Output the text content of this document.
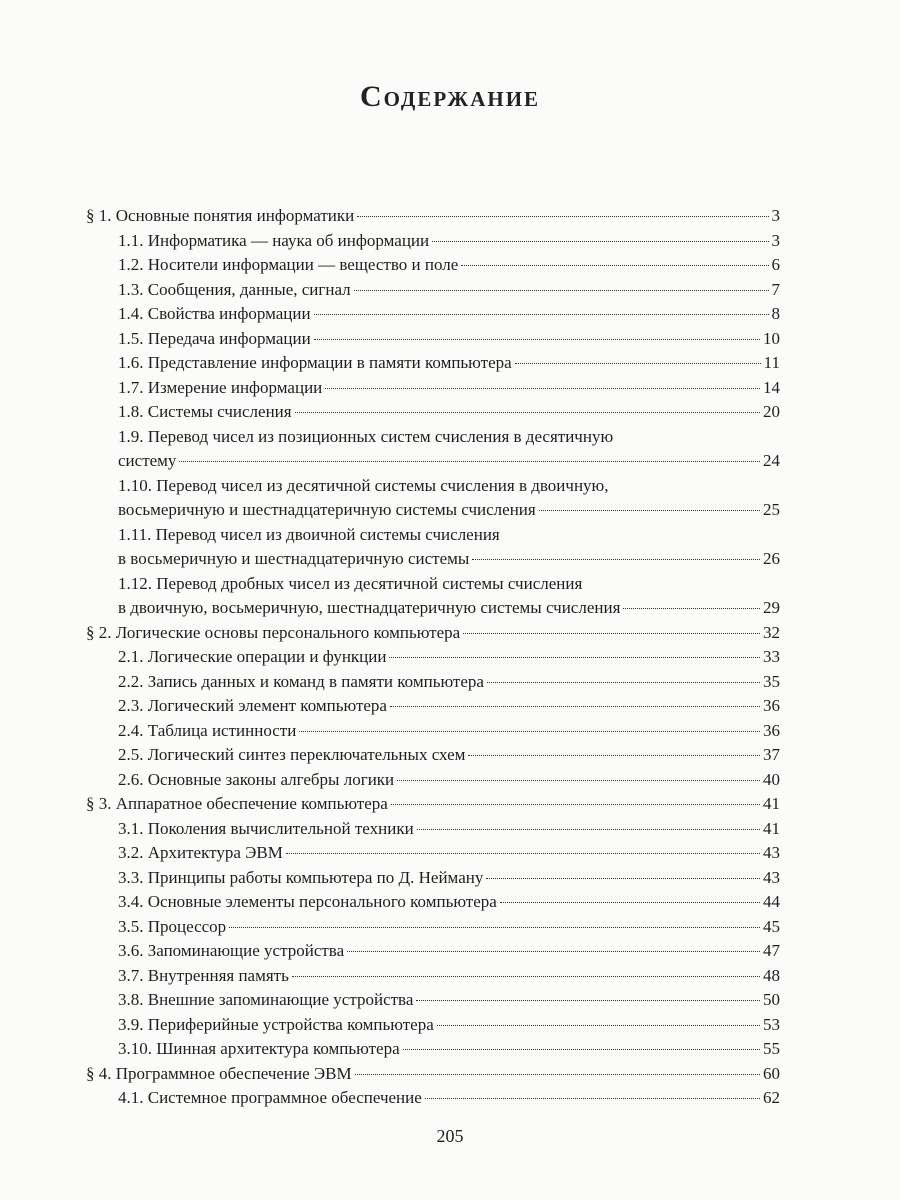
Содержание
§ 1. Основные понятия информатики	3
1.1. Информатика — наука об информации	3
1.2. Носители информации — вещество и поле	6
1.3. Сообщения, данные, сигнал	7
1.4. Свойства информации	8
1.5. Передача информации	10
1.6. Представление информации в памяти компьютера	11
1.7. Измерение информации	14
1.8. Системы счисления	20
1.9. Перевод чисел из позиционных систем счисления в десятичную
систему	24
1.10. Перевод чисел из десятичной системы счисления в двоичную,
восьмеричную и шестнадцатеричную системы счисления	25
1.11. Перевод чисел из двоичной системы счисления
в восьмеричную и шестнадцатеричную системы	26
1.12. Перевод дробных чисел из десятичной системы счисления
в двоичную, восьмеричную, шестнадцатеричную системы счисления	29
§ 2. Логические основы персонального компьютера	32
2.1. Логические операции и функции	33
2.2. Запись данных и команд в памяти компьютера	35
2.3. Логический элемент компьютера	36
2.4. Таблица истинности	36
2.5. Логический синтез переключательных схем	37
2.6. Основные законы алгебры логики	40
§ 3. Аппаратное обеспечение компьютера	41
3.1. Поколения вычислительной техники	41
3.2. Архитектура ЭВМ	43
3.3. Принципы работы компьютера по Д. Нейману	43
3.4. Основные элементы персонального компьютера	44
3.5. Процессор	45
3.6. Запоминающие устройства	47
3.7. Внутренняя память	48
3.8. Внешние запоминающие устройства	50
3.9. Периферийные устройства компьютера	53
3.10. Шинная архитектура компьютера	55
§ 4. Программное обеспечение ЭВМ	60
4.1. Системное программное обеспечение	62
205
